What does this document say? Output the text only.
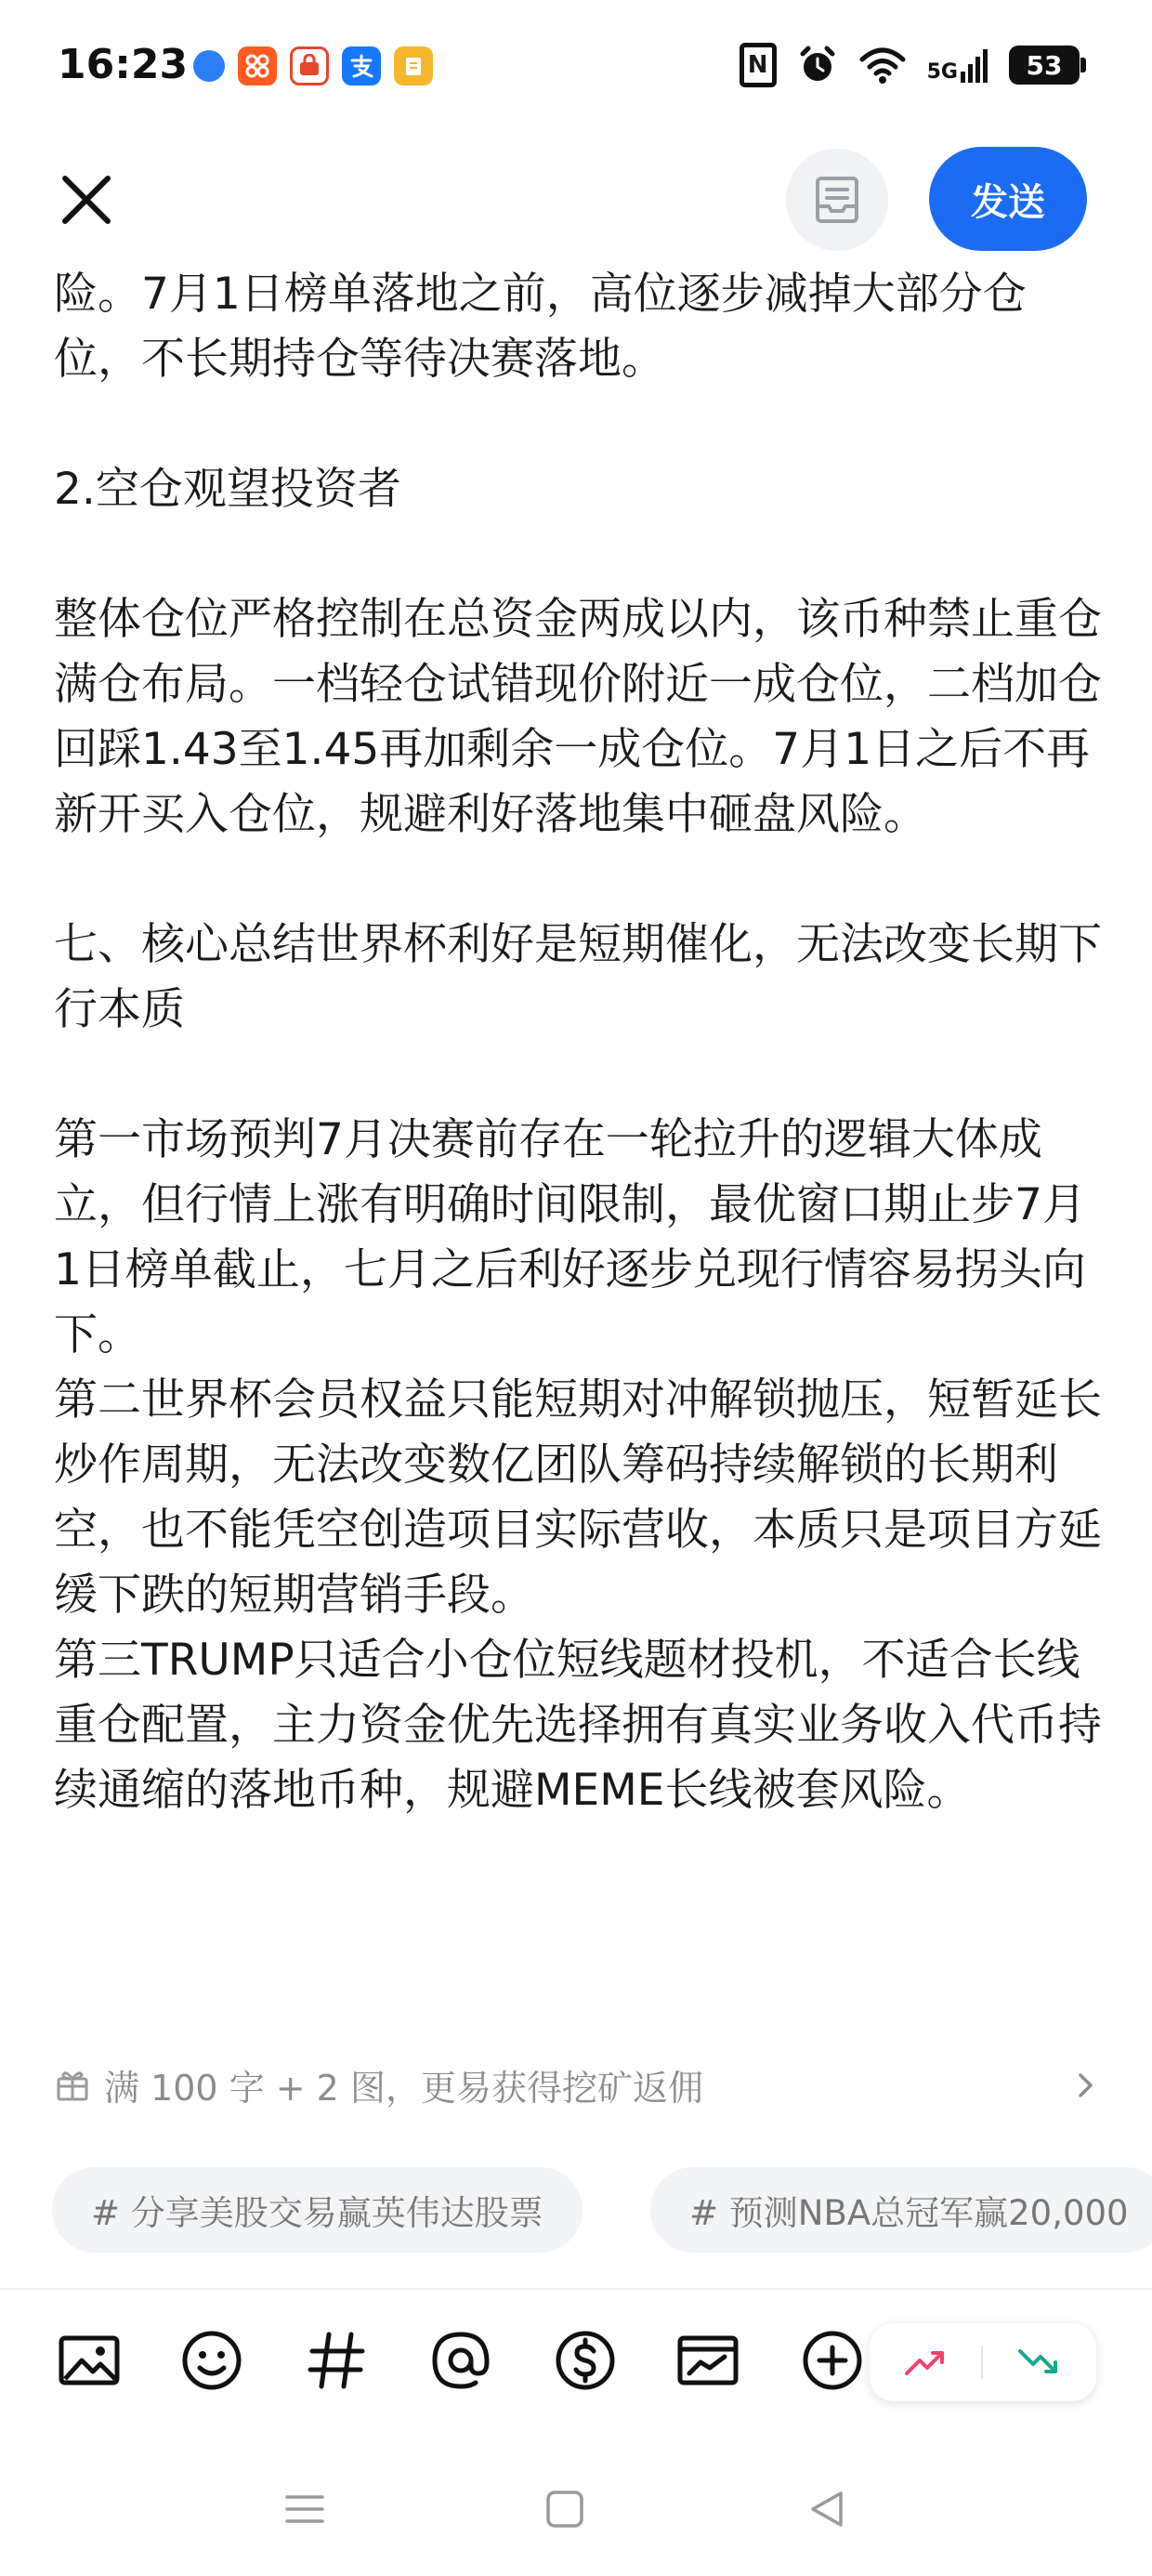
16:23	N	5G	53
发送

险。7月1日榜单落地之前，高位逐步减掉大部分仓位，不长期持仓等待决赛落地。

2.空仓观望投资者

整体仓位严格控制在总资金两成以内，该币种禁止重仓满仓布局。一档轻仓试错现价附近一成仓位，二档加仓回踩1.43至1.45再加剩余一成仓位。7月1日之后不再新开买入仓位，规避利好落地集中砸盘风险。

七、核心总结世界杯利好是短期催化，无法改变长期下行本质

第一市场预判7月决赛前存在一轮拉升的逻辑大体成立，但行情上涨有明确时间限制，最优窗口期止步7月1日榜单截止，七月之后利好逐步兑现行情容易拐头向下。

第二世界杯会员权益只能短期对冲解锁抛压，短暂延长炒作周期，无法改变数亿团队筹码持续解锁的长期利空，也不能凭空创造项目实际营收，本质只是项目方延缓下跌的短期营销手段。

第三TRUMP只适合小仓位短线题材投机，不适合长线重仓配置，主力资金优先选择拥有真实业务收入代币持续通缩的落地币种，规避MEME长线被套风险。

满 100 字 + 2 图，更易获得挖矿返佣
# 分享美股交易赢英伟达股票	# 预测NBA总冠军赢20,000
